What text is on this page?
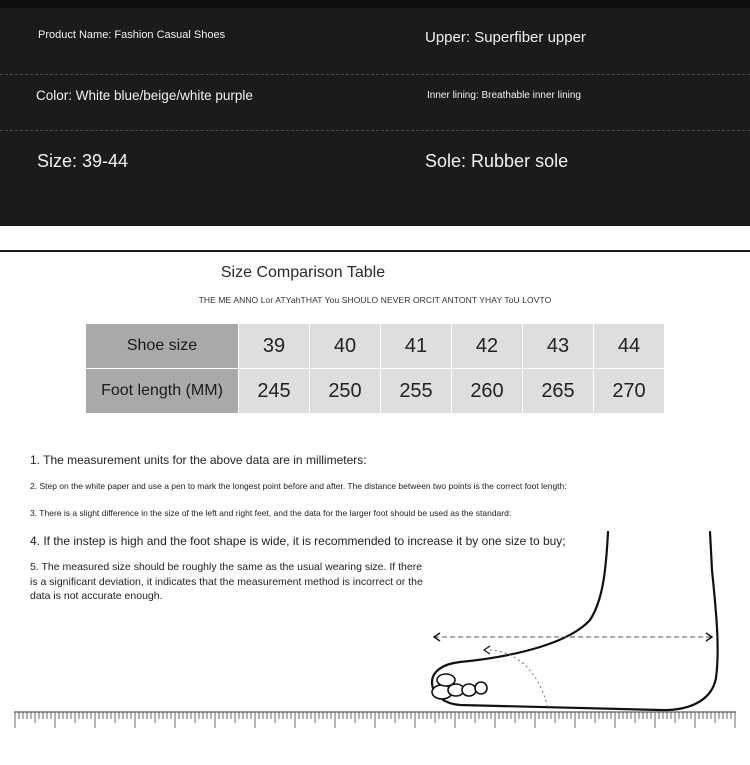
Product Name: Fashion Casual Shoes	Upper: Superfiber upper
Color: White blue/beige/white purple	Inner lining: Breathable inner lining
Size: 39-44	Sole: Rubber sole
Size Comparison Table
THE ME ANNO Lor ATYahTHAT You SHOULO NEVER ORCIT ANTONT YHAY ToU LOVTO
Shoe size	39	40	41	42	43	44
Foot length (MM)	245	250	255	260	265	270
1. The measurement units for the above data are in millimeters:
2. Step on the white paper and use a pen to mark the longest point before and after. The distance between two points is the correct foot length:
3. There is a slight difference in the size of the left and right feet, and the data for the larger foot should be used as the standard:
4. If the instep is high and the foot shape is wide, it is recommended to increase it by one size to buy;
5. The measured size should be roughly the same as the usual wearing size. If there is a significant deviation, it indicates that the measurement method is incorrect or the data is not accurate enough.
